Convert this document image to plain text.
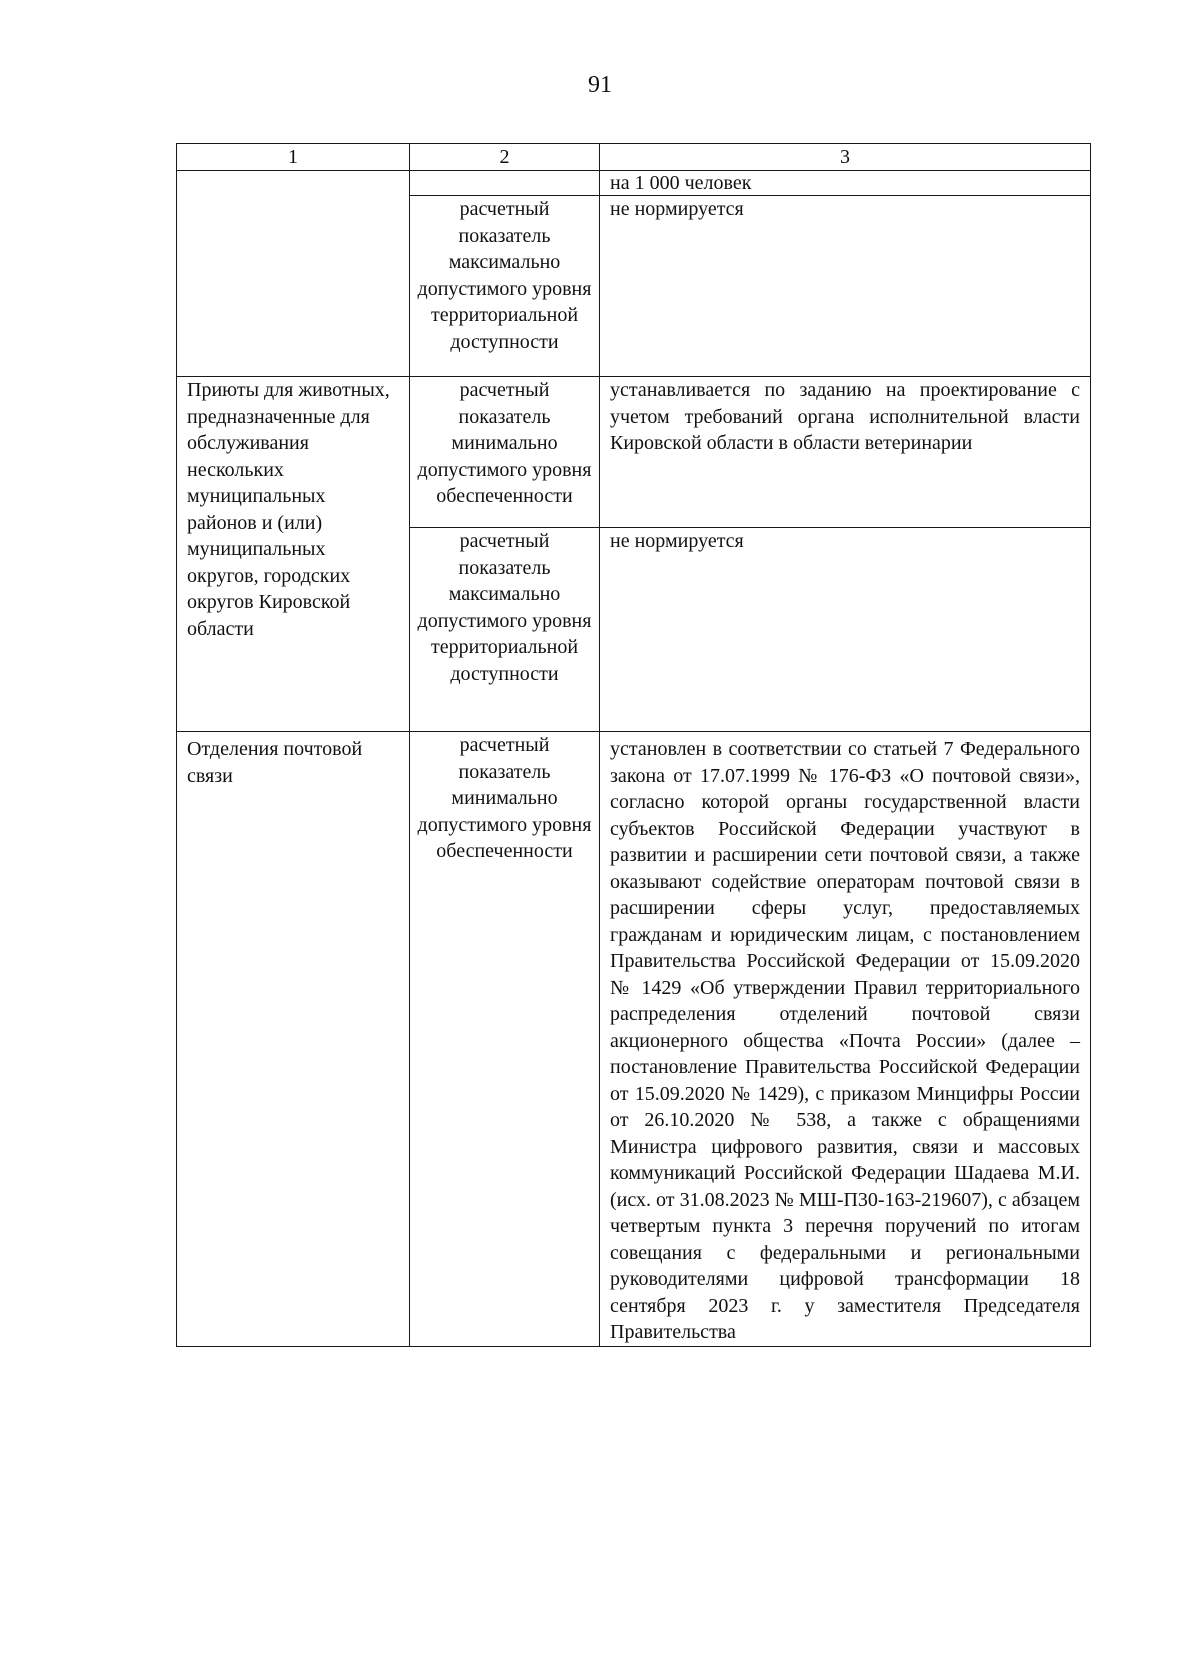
91
1	2	3
		на 1 000 человек
	расчетный показатель максимально допустимого уровня территориальной доступности	не нормируется
Приюты для животных, предназначенные для обслуживания нескольких муниципальных районов и (или) муниципальных округов, городских округов Кировской области	расчетный показатель минимально допустимого уровня обеспеченности	устанавливается по заданию на проектирование с учетом требований органа исполнительной власти Кировской области в области ветеринарии
	расчетный показатель максимально допустимого уровня территориальной доступности	не нормируется
Отделения почтовой связи	расчетный показатель минимально допустимого уровня обеспеченности	установлен в соответствии со статьей 7 Федерального закона от 17.07.1999 № 176-ФЗ «О почтовой связи», согласно которой органы государственной власти субъектов Российской Федерации участвуют в развитии и расширении сети почтовой связи, а также оказывают содействие операторам почтовой связи в расширении сферы услуг, предоставляемых гражданам и юридическим лицам, с постановлением Правительства Российской Федерации от 15.09.2020 № 1429 «Об утверждении Правил территориального распределения отделений почтовой связи акционерного общества «Почта России» (далее – постановление Правительства Российской Федерации от 15.09.2020 № 1429), с приказом Минцифры России от 26.10.2020 № 538, а также с обращениями Министра цифрового развития, связи и массовых коммуникаций Российской Федерации Шадаева М.И. (исх. от 31.08.2023 № МШ-П30-163-219607), с абзацем четвертым пункта 3 перечня поручений по итогам совещания с федеральными и региональными руководителями цифровой трансформации 18 сентября 2023 г. у заместителя Председателя Правительства
